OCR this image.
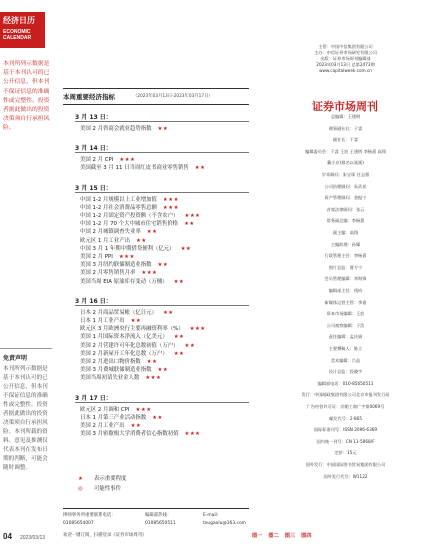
经济日历
ECONOMIC CALENDAR
本刊所列示数据是基于本刊认可的已公开信息，但本刊不保证信息的准确性或完整性。投资者据此做出的投资决策须自行承担风险。
免责声明
本刊所列示数据是基于本刊认可的已公开信息，但本刊不保证信息的准确性或完整性。投资者据此做出的投资决策须自行承担风险。本刊所载的资料、意见及推测仅代表本刊在发布日期的判断，可能会随时调整。
本周重要经济指标	（2023年03月13日-2023年03月17日）
3 月 13 日：
美国 2 月咨商会就业趋势指数 ★★
3 月 14 日：
美国 2 月 CPI ★★★
美国截至 3 月 11 日当周红皮书商业零售销售 ★★
3 月 15 日：
中国 1-2 月规模以上工业增加值 ★★★
中国 1-2 月社会消费品零售总额 ★★★
中国 1-2 月固定资产投资额（不含农户） ★★★
中国 1-2 月 70 个大中城市住宅销售价格 ★★
中国 2 月城镇调查失业率 ★★
欧元区 1 月工业产出 ★★
中国 3 月 1 年期中期借贷便利（亿元） ★★
美国 2 月 PPI ★★★
美国 3 月纽约联储制造业指数 ★★
美国 2 月零售销售月率 ★★★
美国当周 EIA 原油库存变动（万桶） ★★
3 月 16 日：
日本 2 月商品贸易帐（亿日元） ★★
日本 1 月工业产出 ★★
欧元区 3 月欧洲央行主要再融资利率（%） ★★★
美国 1 月国际资本净流入（亿美元） ★★
美国 2 月营建许可年化总数初值（万户） ★★
美国 2 月新屋开工年化总数（万户） ★★
美国 2 月进出口物价指数 ★★
美国 3 月费城联储制造业指数 ★★
美国当周初请失业金人数 ★★★
3 月 17 日：
欧元区 2 月调和 CPI ★★★
日本 1 月第三产业活动指数 ★★
美国 2 月工业产出 ★★
美国 3 月密歇根大学消费者信心指数初值 ★★★
★ 表示重要程度
◎ 可能性事件
律师事务所重要联系电话：
01085654007
编辑部热线：
01085650511
E-mail:
tougaolu@163.com
欢迎一键订阅，扫描登录《证券市场周刊》
证券市场周刊
主管：中国中信集团有限公司
主办：中信证券市场研究有限公司
出版：证券市场周刊编辑部
2023年03月13日 总第2473期
www.capitalweek.com.cn
总编辑：王建明
理事副社长：于睿
副社长：于睿
编辑委员会：于睿 王宸 王建明 李杨熹 高翔
戴小京(排名以笔画)
学术顾问：朱宝琛 任志强
公司治理顾问：朱武祥
资产管理顾问：金振宁
首席法律顾问：张云
常务副总编：李杨熹
副主编：高翔
主编助理：孙耀
行政管理主任：李杨熹
图片总监：曹方宁
会员管理编辑：李海锋
编辑部主任：钱钧
新媒体运营主管：李嘉
资本市场编辑：王宸
公司观察编辑：于浩
责任编辑：孟庆娟
主要撰稿人：陈立
美术编辑：吕品
设计总监：段晓宇
编辑部电话：010-85650511
发行：中国邮政集团有限公司北京市报刊发行局
广告经营许可证：京朝工商广字第0069号
邮发代号：2-865
国际标准刊号：ISSN 2096-6369
国内统一刊号：CN 11-5868/F
定价：15元
国外发行：中国国际图书贸易集团有限公司
国外发行代号：W1122
04 2023/03/13	图一 图二 图三 图四
